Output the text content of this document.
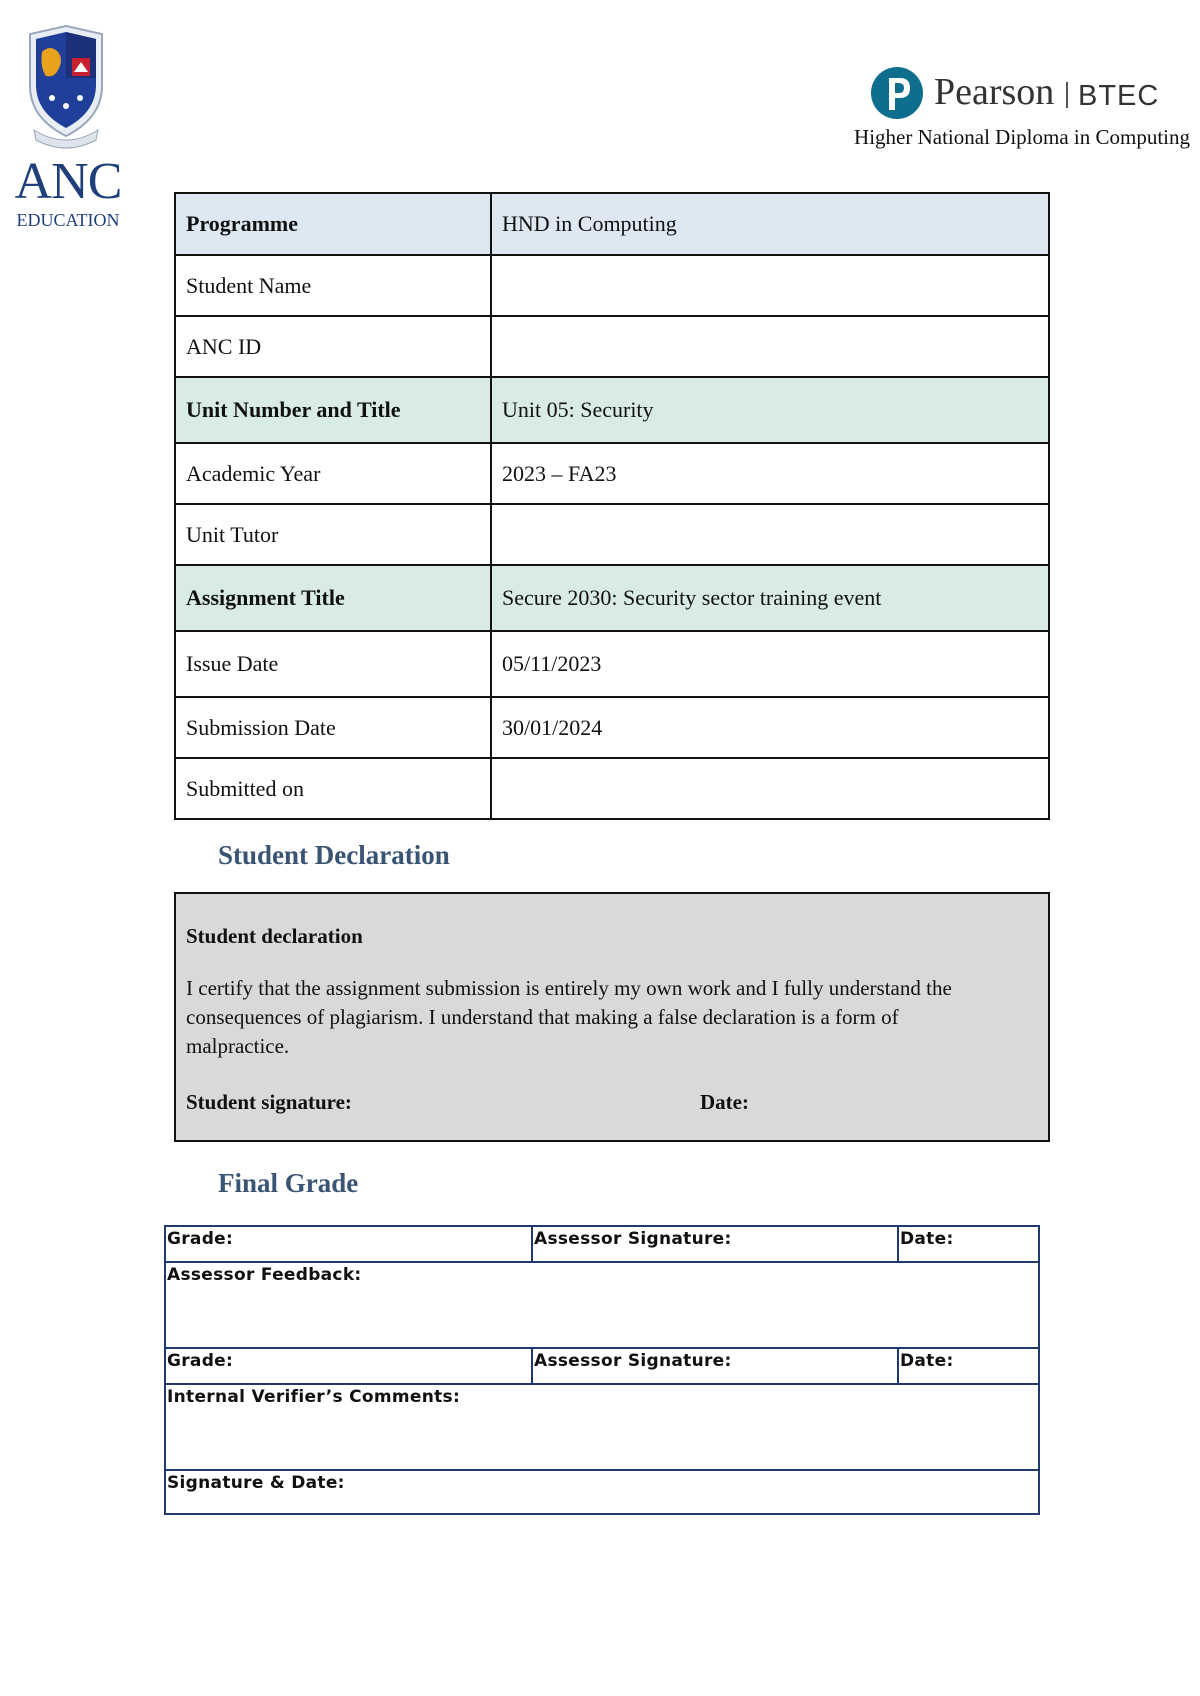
ANC
EDUCATION
Pearson BTEC
Higher National Diploma in Computing
Programme	HND in Computing
Student Name	
ANC ID	
Unit Number and Title	Unit 05: Security
Academic Year	2023 – FA23
Unit Tutor	
Assignment Title	Secure 2030: Security sector training event
Issue Date	05/11/2023
Submission Date	30/01/2024
Submitted on	
Student Declaration
Student declaration
I certify that the assignment submission is entirely my own work and I fully understand the consequences of plagiarism. I understand that making a false declaration is a form of malpractice.
Student signature:	Date:
Final Grade
Grade:	Assessor Signature:	Date:
Assessor Feedback:		
Grade:	Assessor Signature:	Date:
Internal Verifier’s Comments:		
Signature & Date:		
